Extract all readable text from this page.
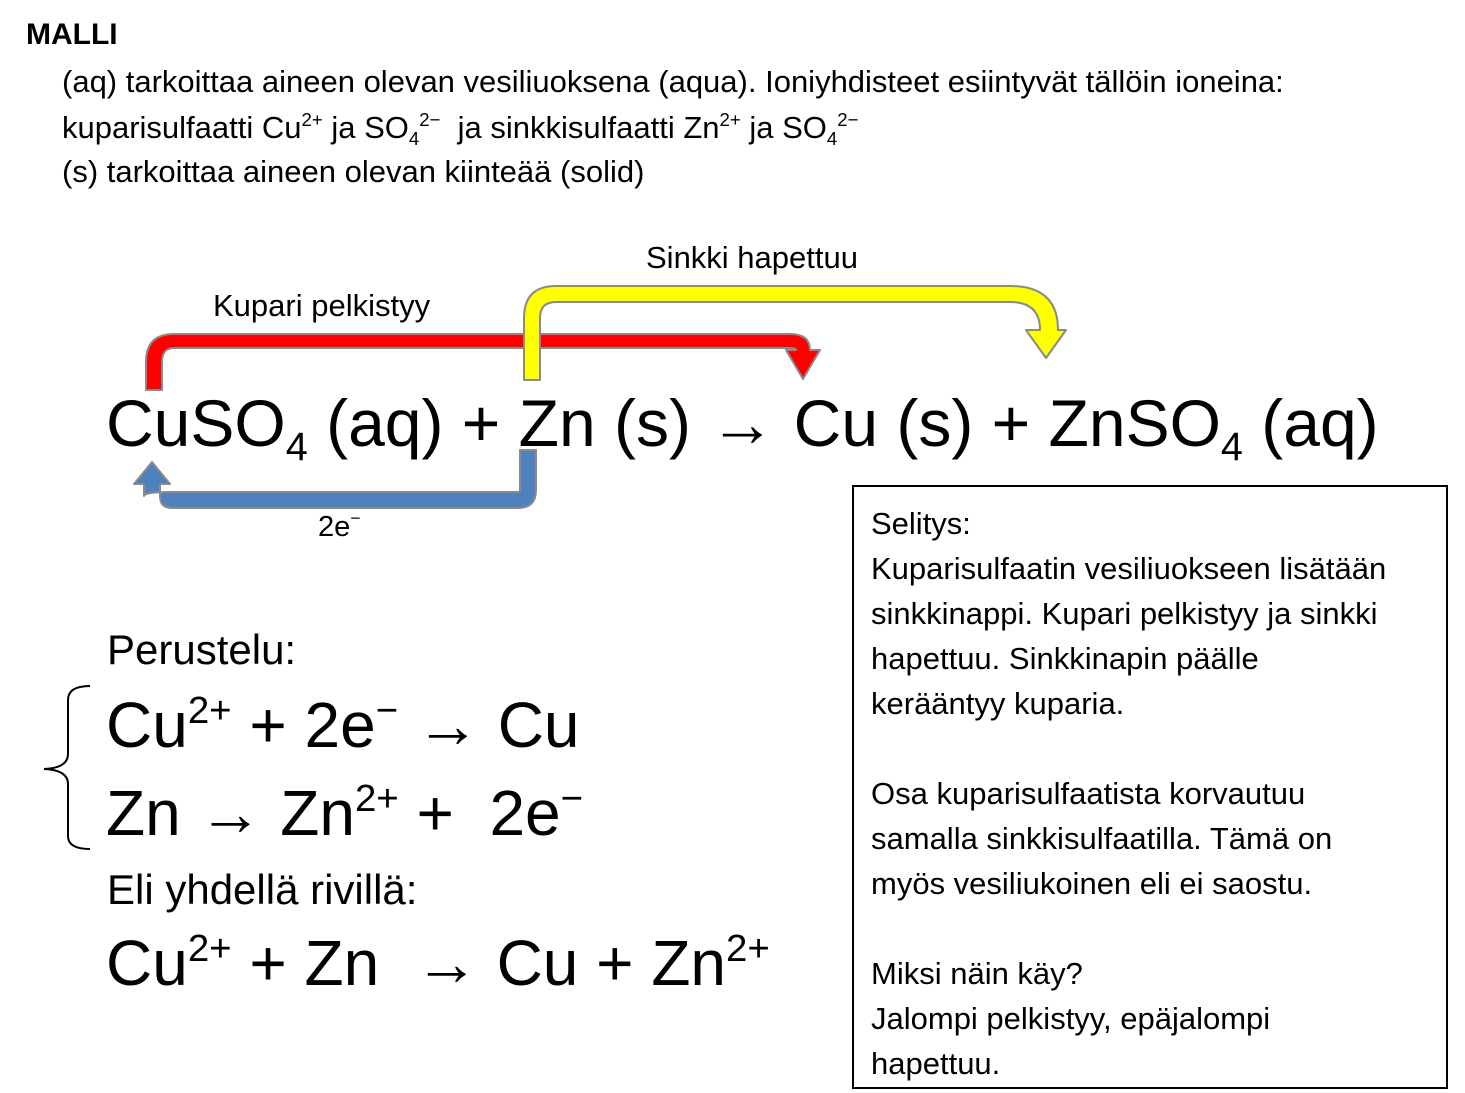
MALLI
(aq) tarkoittaa aineen olevan vesiliuoksena (aqua). Ioniyhdisteet esiintyvät tällöin ioneina:
kuparisulfaatti $Cu^{2+}$ ja $SO_4^{2-}$  ja sinkkisulfaatti $Zn^{2+}$ ja $SO_4^{2-}$
(s) tarkoittaa aineen olevan kiinteää (solid)
Sinkki hapettuu
Kupari pelkistyy
2e−
CuSO$_4$ (aq) + Zn (s) → Cu (s) + ZnSO$_4$ (aq)
Perustelu:
$Cu^{2+} + 2e^- \to Cu$
$Zn \to Zn^{2+} + 2e^-$
Eli yhdellä rivillä:
$Cu^{2+} + Zn \to Cu + Zn^{2+}$

Selitys:

Kuparisulfaatin vesiliuokseen lisätään

sinkkinappi. Kupari pelkistyy ja sinkki

hapettuu. Sinkkinapin päälle

kerääntyy kuparia.

Osa kuparisulfaatista korvautuu

samalla sinkkisulfaatilla. Tämä on

myös vesiliukoinen eli ei saostu.

Miksi näin käy?

Jalompi pelkistyy, epäjalompi

hapettuu.
